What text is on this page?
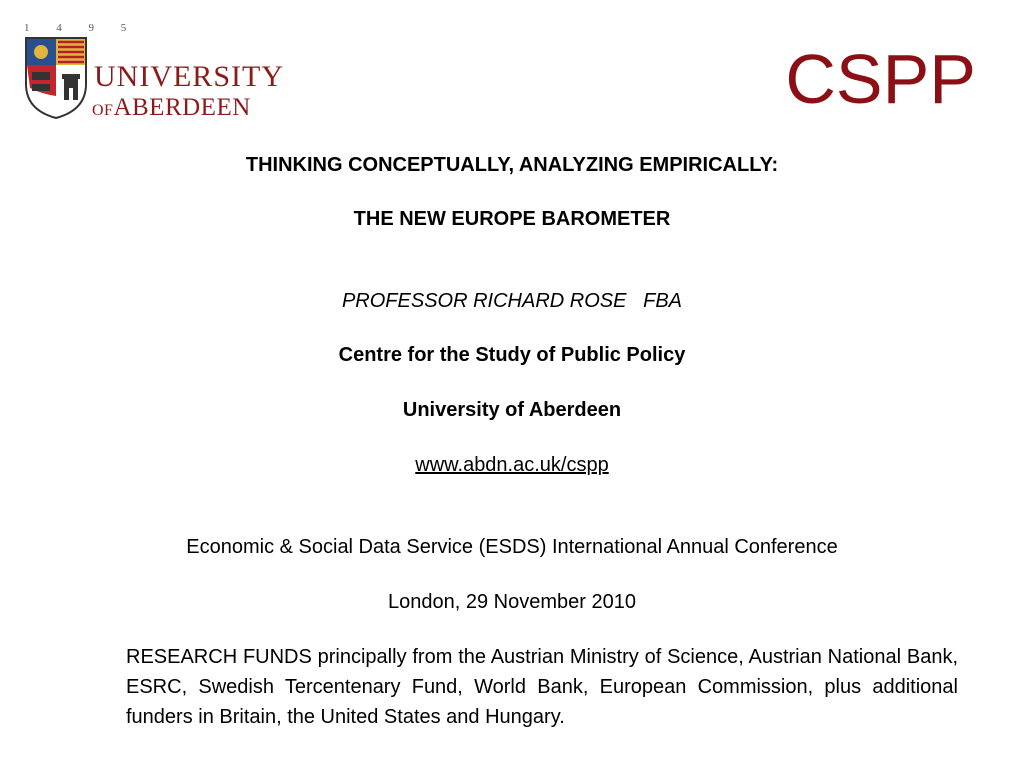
1 4 9 5
UNIVERSITY
OFABERDEEN	CSPP
THINKING CONCEPTUALLY, ANALYZING EMPIRICALLY:
THE NEW EUROPE BAROMETER
PROFESSOR RICHARD ROSE   FBA
Centre for the Study of Public Policy
University of Aberdeen
www.abdn.ac.uk/cspp
Economic & Social Data Service (ESDS) International Annual Conference
London, 29 November 2010
RESEARCH FUNDS principally from the Austrian Ministry of Science, Austrian National Bank, ESRC, Swedish Tercentenary Fund, World Bank, European Commission, plus additional funders in Britain, the United States and Hungary.
